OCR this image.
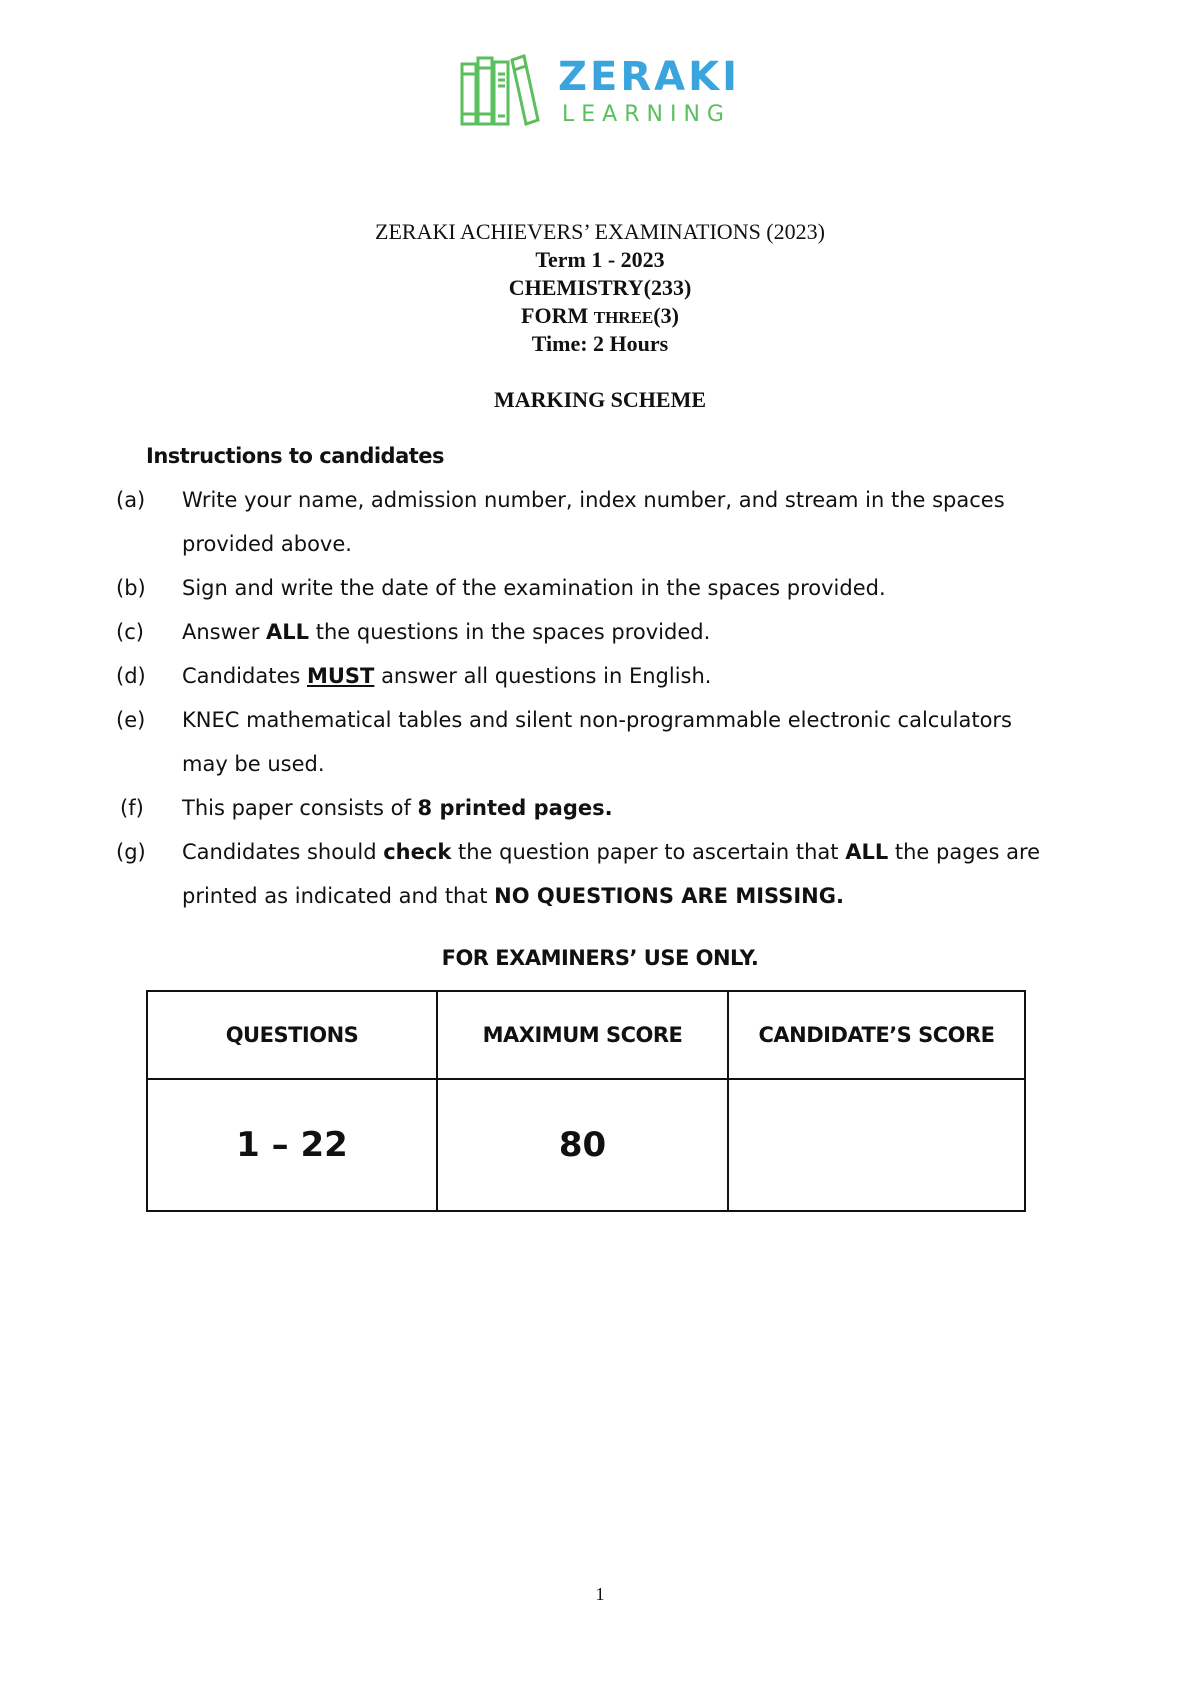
ZERAKI
LEARNING
ZERAKI ACHIEVERS’ EXAMINATIONS (2023)
Term 1 - 2023
CHEMISTRY(233)
FORM THREE(3)
Time: 2 Hours
MARKING SCHEME
Instructions to candidates
(a)	Write your name, admission number, index number, and stream in the spaces
provided above.
(b)	Sign and write the date of the examination in the spaces provided.
(c)	Answer ALL the questions in the spaces provided.
(d)	Candidates MUST answer all questions in English.
(e)	KNEC mathematical tables and silent non-programmable electronic calculators
may be used.
(f)	This paper consists of 8 printed pages.
(g)	Candidates should check the question paper to ascertain that ALL the pages are
printed as indicated and that NO QUESTIONS ARE MISSING.
FOR EXAMINERS’ USE ONLY.
QUESTIONS	MAXIMUM SCORE	CANDIDATE’S SCORE
1 – 22	80	
1
